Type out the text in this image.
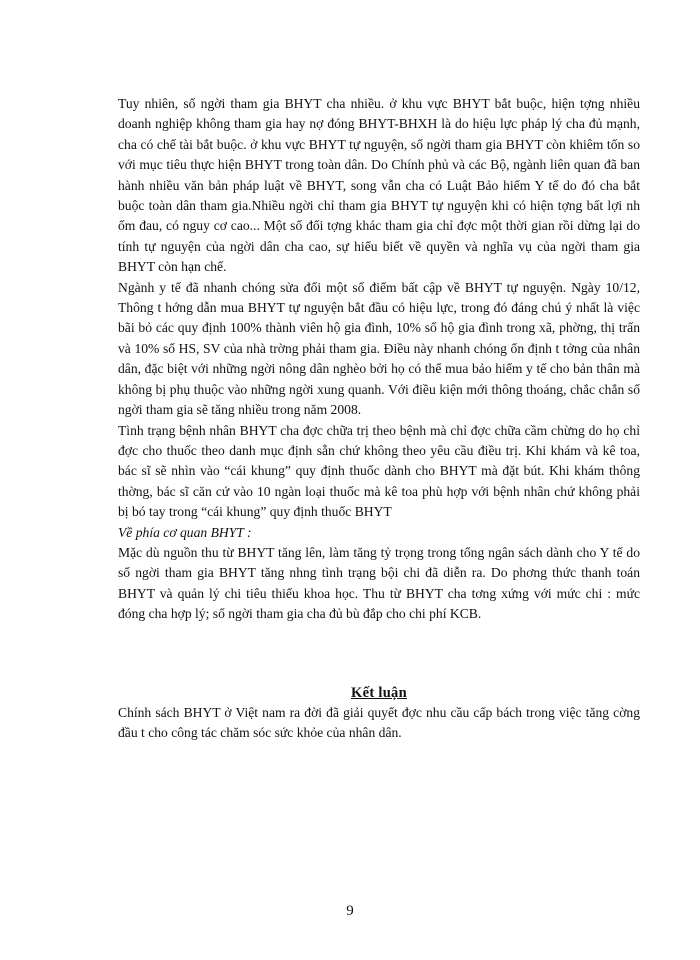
Tuy nhiên, số ngời tham gia BHYT cha nhiều. ở khu vực BHYT bắt buộc, hiện tợng nhiều doanh nghiệp không tham gia hay nợ đóng BHYT-BHXH là do hiệu lực pháp lý cha đủ mạnh, cha có chế tài bắt buộc. ở khu vực BHYT tự nguyện, số ngời tham gia BHYT còn khiêm tốn so với mục tiêu thực hiện BHYT trong toàn dân. Do Chính phủ và các Bộ, ngành liên quan đã ban hành nhiều văn bản pháp luật về BHYT, song vẫn cha có Luật Bảo hiểm Y tế do đó cha bắt buộc toàn dân tham gia.Nhiều ngời chỉ tham gia BHYT tự nguyện khi có hiện tợng bất lợi nh ốm đau, có nguy cơ cao... Một số đối tợng khác tham gia chỉ đợc một thời gian rồi dừng lại do tính tự nguyện của ngời dân cha cao, sự hiểu biết về quyền và nghĩa vụ của ngời tham gia BHYT còn hạn chế.

Ngành y tế đã nhanh chóng sửa đổi một số điểm bất cập về BHYT tự nguyện. Ngày 10/12, Thông t hớng dẫn mua BHYT tự nguyện bắt đầu có hiệu lực, trong đó đáng chú ý nhất là việc bãi bỏ các quy định 100% thành viên hộ gia đình, 10% số hộ gia đình trong xã, phờng, thị trấn và 10% số HS, SV của nhà trờng phải tham gia. Điều này nhanh chóng ổn định t tởng của nhân dân, đặc biệt với những ngời nông dân nghèo bởi họ có thể mua bảo hiểm y tế cho bản thân mà không bị phụ thuộc vào những ngời xung quanh. Với điều kiện mới thông thoáng, chắc chắn số ngời tham gia sẽ tăng nhiều trong năm 2008.

Tình trạng bệnh nhân BHYT cha đợc chữa trị theo bệnh mà chỉ đợc chữa cầm chừng do họ chỉ đợc cho thuốc theo danh mục định sẵn chứ không theo yêu cầu điều trị. Khi khám và kê toa, bác sĩ sẽ nhìn vào “cái khung” quy định thuốc dành cho BHYT mà đặt bút. Khi khám thông thờng, bác sĩ căn cứ vào 10 ngàn loại thuốc mà kê toa phù hợp với bệnh nhân chứ không phải bị bó tay trong “cái khung” quy định thuốc BHYT

Về phía cơ quan BHYT :

Mặc dù nguồn thu từ BHYT tăng lên, làm tăng tỷ trọng trong tổng ngân sách dành cho Y tế do số ngời tham gia BHYT tăng nhng tình trạng bội chi đã diễn ra. Do phơng thức thanh toán BHYT và quản lý chi tiêu thiếu khoa học. Thu từ BHYT cha tơng xứng với mức chi : mức đóng cha hợp lý; số ngời tham gia cha đủ bù đắp cho chi phí KCB.

Kết luận

Chính sách BHYT ở Việt nam ra đời đã giải quyết đợc nhu cầu cấp bách trong việc tăng cờng đầu t cho công tác chăm sóc sức khỏe của nhân dân.

9
